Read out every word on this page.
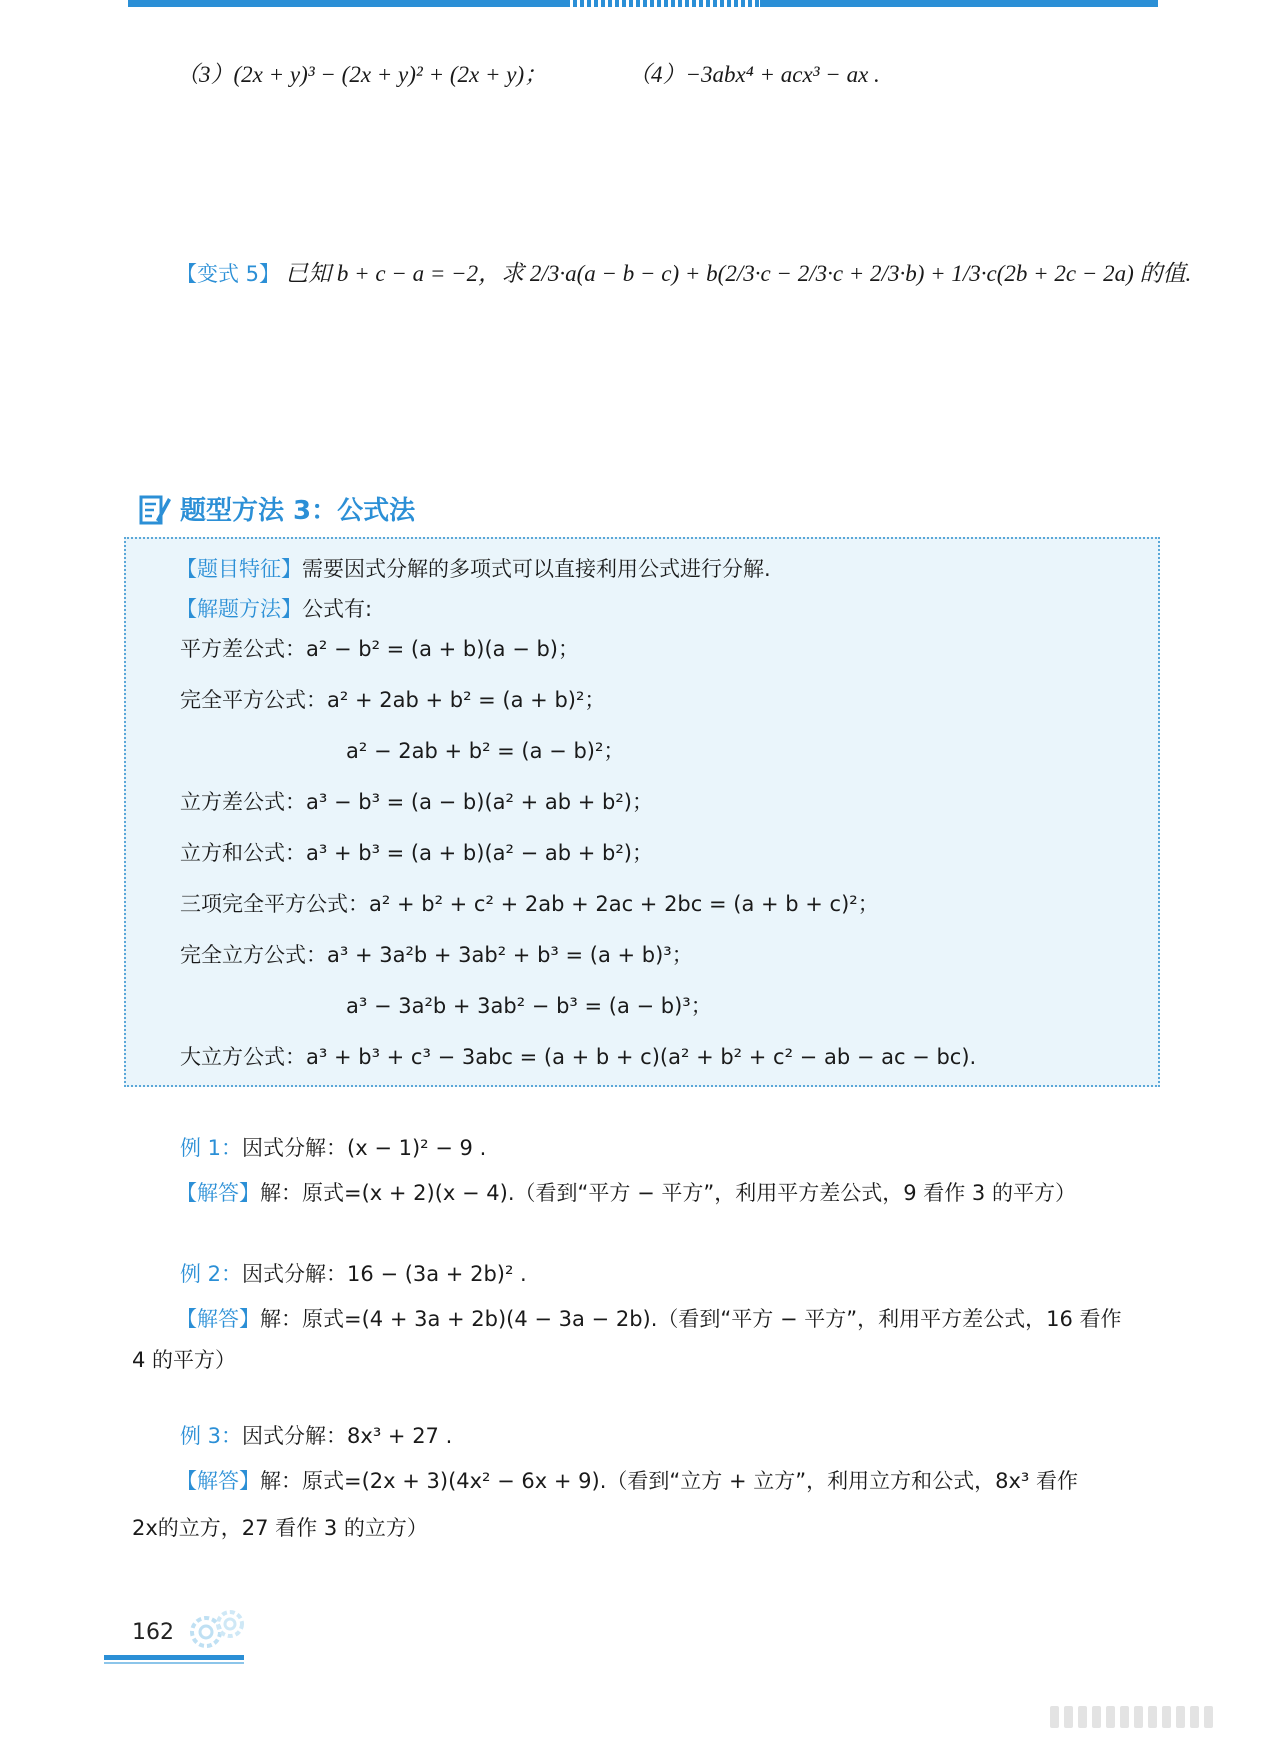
（3）(2x + y)³ − (2x + y)² + (2x + y)；	（4）−3abx⁴ + acx³ − ax .
【变式 5】 已知 b + c − a = −2，求 2/3·a(a − b − c) + b(2/3·c − 2/3·c + 2/3·b) + 1/3·c(2b + 2c − 2a) 的值.
题型方法 3：公式法
【题目特征】需要因式分解的多项式可以直接利用公式进行分解.
【解题方法】公式有:
平方差公式：a² − b² = (a + b)(a − b)；
完全平方公式：a² + 2ab + b² = (a + b)²；
a² − 2ab + b² = (a − b)²；
立方差公式：a³ − b³ = (a − b)(a² + ab + b²)；
立方和公式：a³ + b³ = (a + b)(a² − ab + b²)；
三项完全平方公式：a² + b² + c² + 2ab + 2ac + 2bc = (a + b + c)²；
完全立方公式：a³ + 3a²b + 3ab² + b³ = (a + b)³；
a³ − 3a²b + 3ab² − b³ = (a − b)³；
大立方公式：a³ + b³ + c³ − 3abc = (a + b + c)(a² + b² + c² − ab − ac − bc).
例 1：因式分解：(x − 1)² − 9 .
【解答】解：原式=(x + 2)(x − 4).（看到“平方 − 平方”，利用平方差公式，9 看作 3 的平方）
例 2：因式分解：16 − (3a + 2b)² .
【解答】解：原式=(4 + 3a + 2b)(4 − 3a − 2b).（看到“平方 − 平方”，利用平方差公式，16 看作
4 的平方）
例 3：因式分解：8x³ + 27 .
【解答】解：原式=(2x + 3)(4x² − 6x + 9).（看到“立方 + 立方”，利用立方和公式，8x³ 看作
2x的立方，27 看作 3 的立方）
162
